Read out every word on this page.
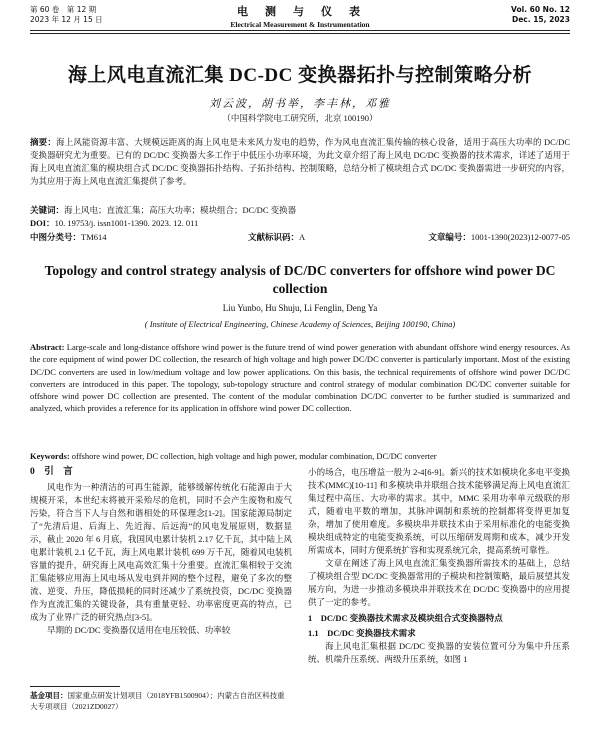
第 60 卷　第 12 期
2023 年 12 月 15 日
电　测　与　仪　表
Electrical Measurement & Instrumentation
Vol. 60 No. 12
Dec. 15, 2023
海上风电直流汇集 DC-DC 变换器拓扑与控制策略分析
刘云波，胡书举，李丰林，邓雅
（中国科学院电工研究所，北京 100190）
摘要：海上风能资源丰富、大规模远距离的海上风电是未来风力发电的趋势，作为风电直流汇集传输的核心设备，适用于高压大功率的 DC/DC 变换器研究尤为重要。已有的 DC/DC 变换器大多工作于中低压小功率环境，为此文章介绍了海上风电 DC/DC 变换器的技术需求，详述了适用于海上风电直流汇集的模块组合式 DC/DC 变换器拓扑结构、子拓扑结构、控制策略，总结分析了模块组合式 DC/DC 变换器需进一步研究的内容，为其应用于海上风电直流汇集提供了参考。
关键词：海上风电；直流汇集；高压大功率；模块组合；DC/DC 变换器
DOI：10. 19753/j. issn1001-1390. 2023. 12. 011
中图分类号：TM614	文献标识码：A	文章编号：1001-1390(2023)12-0077-05
Topology and control strategy analysis of DC/DC converters for offshore wind power DC collection
Liu Yunbo, Hu Shuju, Li Fenglin, Deng Ya
( Institute of Electrical Engineering, Chinese Academy of Sciences, Beijing 100190, China)
Abstract: Large-scale and long-distance offshore wind power is the future trend of wind power generation with abundant offshore wind energy resources. As the core equipment of wind power DC collection, the research of high voltage and high power DC/DC converter is particularly important. Most of the existing DC/DC converters are used in low/medium voltage and low power applications. On this basis, the technical requirements of offshore wind power DC/DC converters are introduced in this paper. The topology, sub-topology structure and control strategy of modular combination DC/DC converter suitable for offshore wind power DC collection are presented. The content of the modular combination DC/DC converter to be further studied is summarized and analyzed, which provides a reference for its application in offshore wind power DC collection.
Keywords: offshore wind power, DC collection, high voltage and high power, modular combination, DC/DC converter
0　 引　言

风电作为一种清洁的可再生能源，能够缓解传统化石能源由于大规模开采，本世纪末将被开采殆尽的危机，同时不会产生废物和废气污染，符合当下人与自然和谐相处的环保理念[1-2]。国家能源局制定了“先清后退、后海上、先近海、后远海”的风电发展原则，数据显示，截止 2020 年 6 月底，我国风电累计装机 2.17 亿千瓦，其中陆上风电累计装机 2.1 亿千瓦，海上风电累计装机 699 万千瓦，随着风电装机容量的提升，研究海上风电高效汇集十分重要。直流汇集相较于交流汇集能够应用海上风电场从发电到并网的整个过程，避免了多次的整流、逆变、升压，降低损耗的同时还减少了系统投资，DC/DC 变换器作为直流汇集的关键设备，具有重量更轻、功率密度更高的特点，已成为了业界广泛的研究热点[3-5]。

早期的 DC/DC 变换器仅适用在电压较低、功率较

基金项目：国家重点研发计划项目（2018YFB1500904）；内蒙古自治区科技重大专项项目（2021ZD0027）

小的场合，电压增益一般为 2-4[6-9]。新兴的技术如模块化多电平变换技术(MMC)[10-11] 和多模块串并联组合技术能够满足海上风电直流汇集过程中高压、大功率的需求。其中，MMC 采用功率单元级联的形式，随着电平数的增加，其脉冲调制和系统的控制都将变得更加复杂，增加了使用难度。多模块串并联技术由于采用标准化的电能变换模块组成特定的电能变换系统，可以压缩研发周期和成本，减少开发所需成本，同时方便系统扩容和实现系统冗余，提高系统可靠性。

文章在阐述了海上风电直流汇集变换器所需技术的基础上，总结了模块组合型 DC/DC 变换器常用的子模块和控制策略，最后展望其发展方向，为进一步推动多模块串并联技术在 DC/DC 变换器中的应用提供了一定的参考。

1　DC/DC 变换器技术需求及模块组合式变换器特点
1.1　DC/DC 变换器技术需求

海上风电汇集根据 DC/DC 变换器的安装位置可分为集中升压系统、机端升压系统、两级升压系统，如图 1
